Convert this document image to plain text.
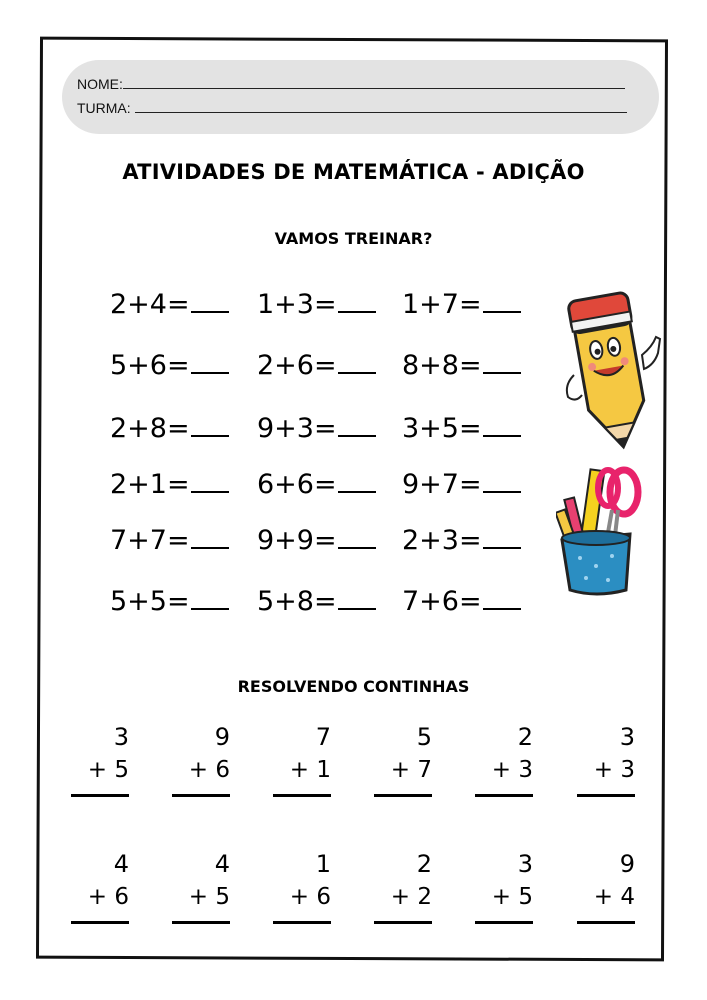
NOME:
TURMA:
ATIVIDADES DE MATEMÁTICA - ADIÇÃO
VAMOS TREINAR?
2+4=	1+3=	1+7=
5+6=	2+6=	8+8=
2+8=	9+3=	3+5=
2+1=	6+6=	9+7=
7+7=	9+9=	2+3=
5+5=	5+8=	7+6=
RESOLVENDO CONTINHAS
3
+ 5
9
+ 6
7
+ 1
5
+ 7
2
+ 3
3
+ 3
4
+ 6
4
+ 5
1
+ 6
2
+ 2
3
+ 5
9
+ 4
